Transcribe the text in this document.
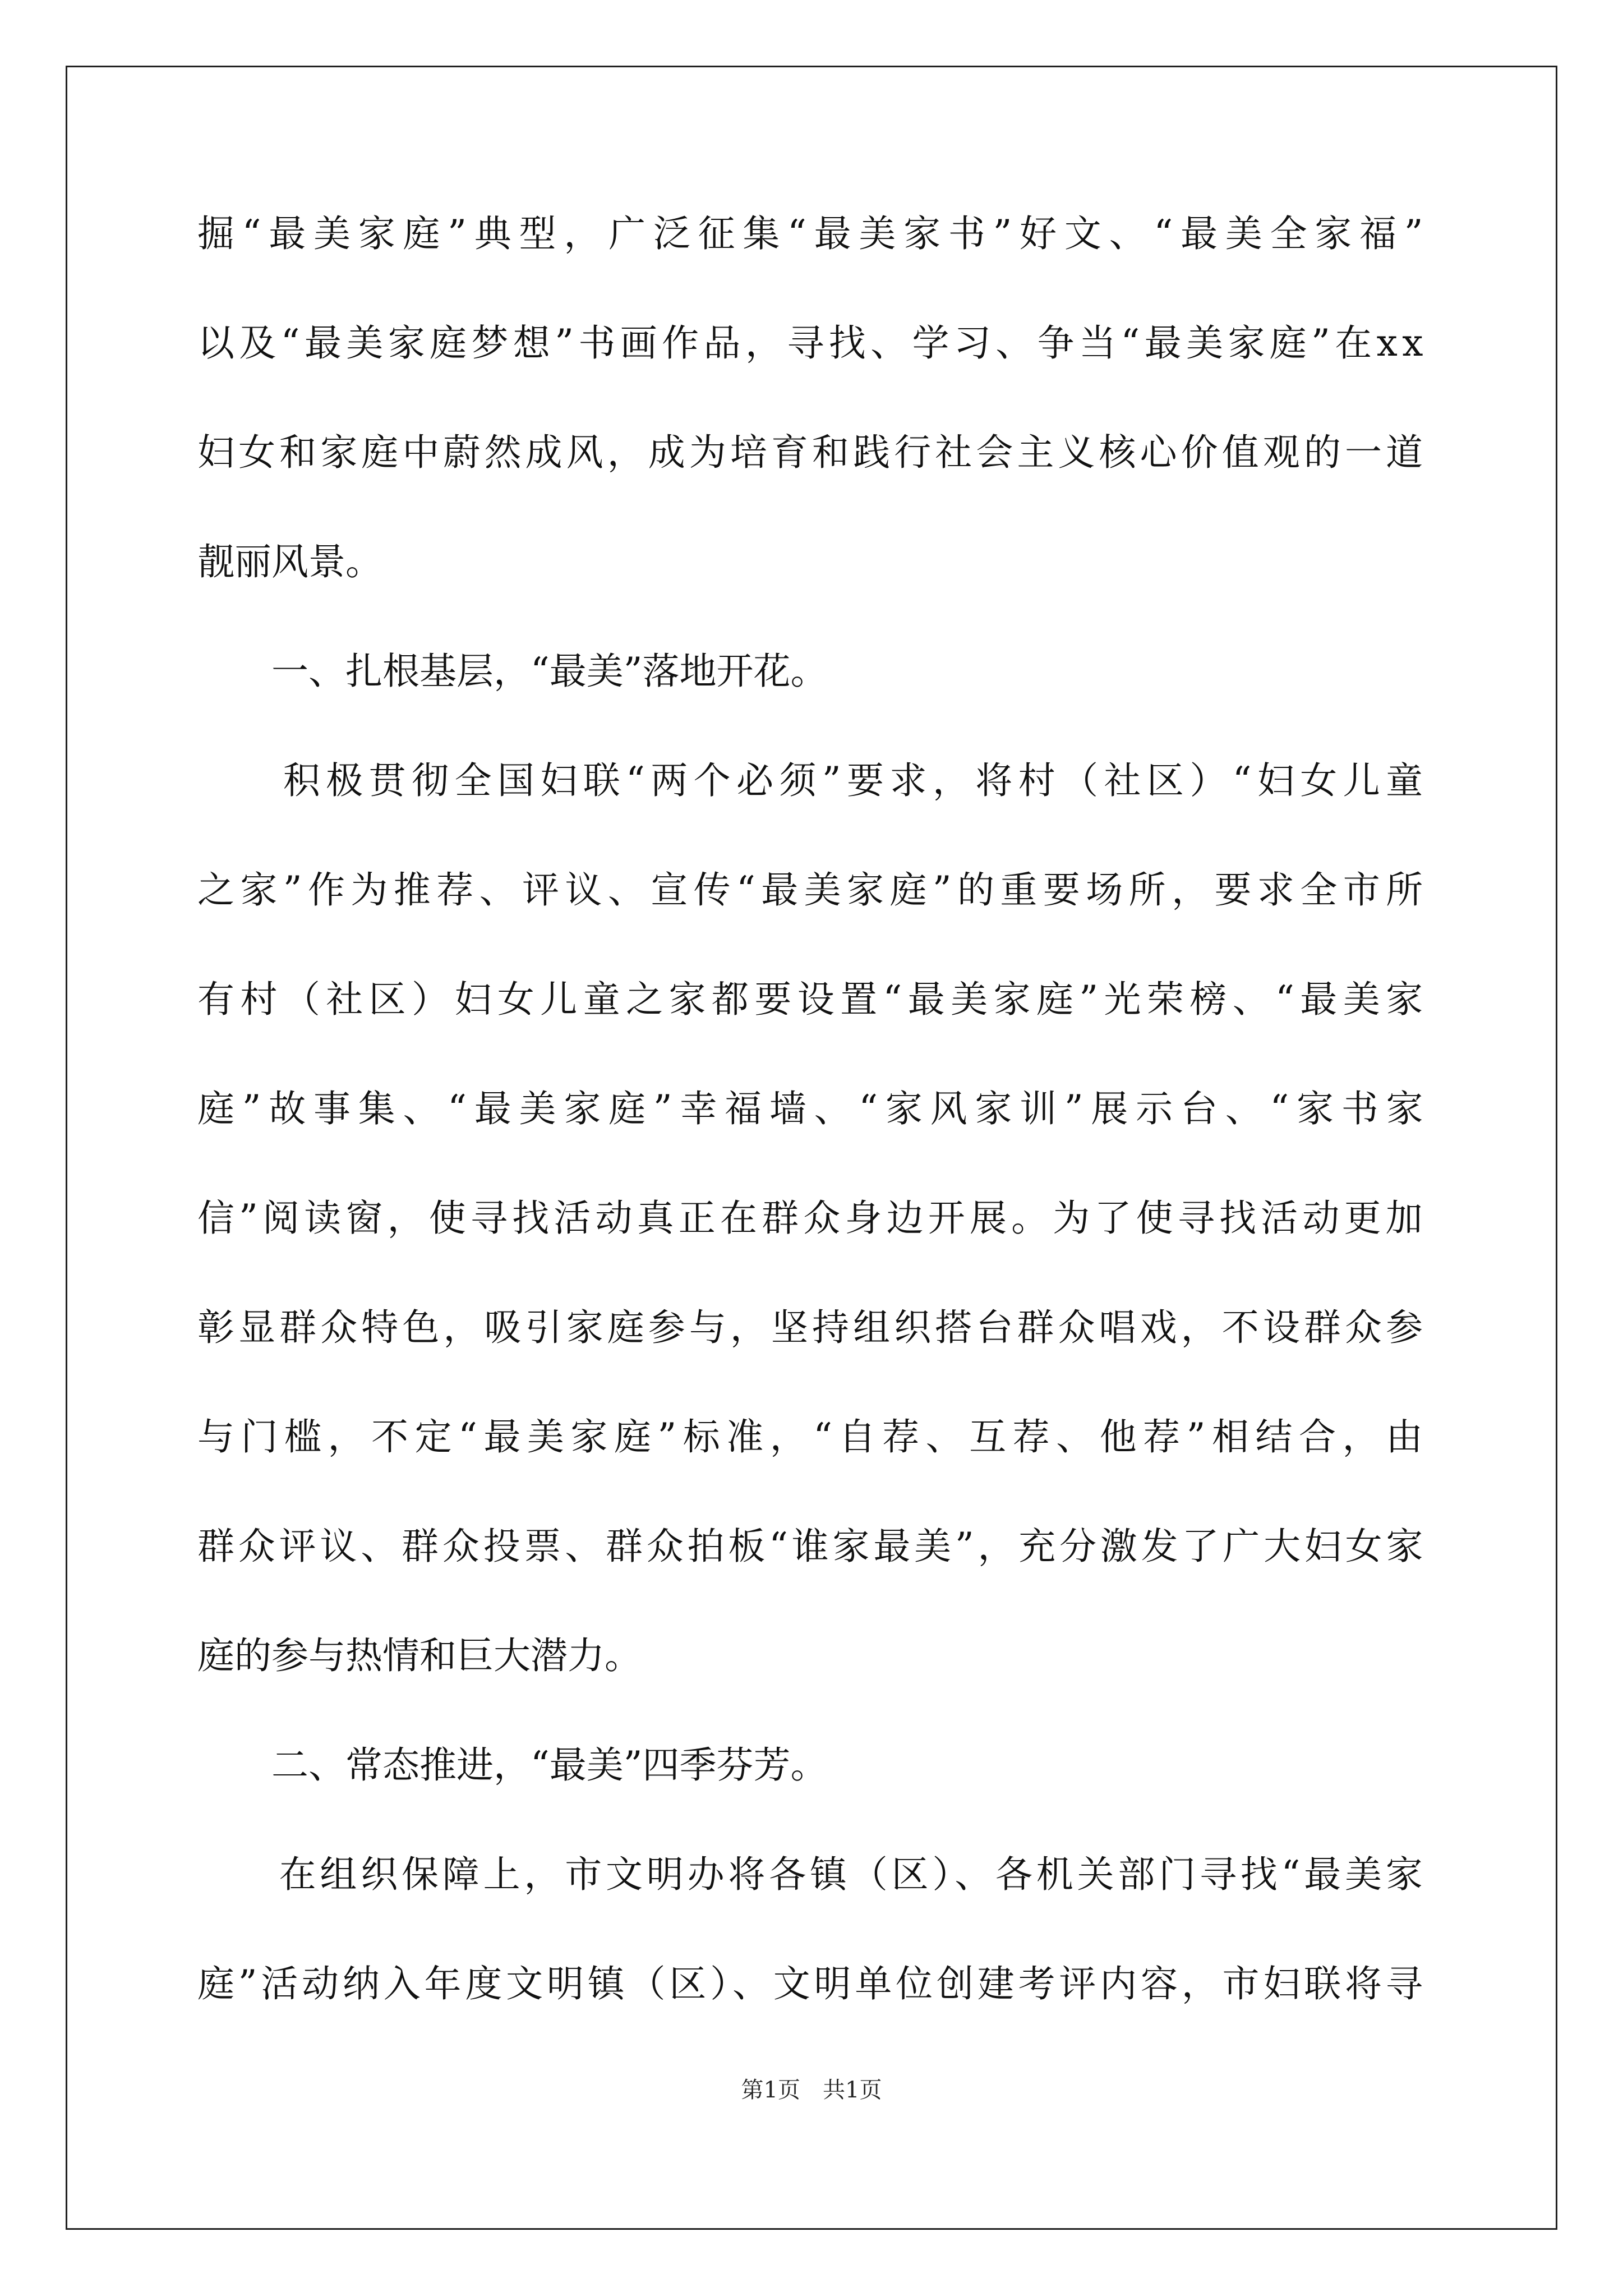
掘“最美家庭”典型，广泛征集“最美家书”好文、“最美全家福”

以及“最美家庭梦想”书画作品，寻找、学习、争当“最美家庭”在xx

妇女和家庭中蔚然成风，成为培育和践行社会主义核心价值观的一道

靓丽风景。

　　一、扎根基层，“最美”落地开花。

　　积极贯彻全国妇联“两个必须”要求，将村（社区）“妇女儿童

之家”作为推荐、评议、宣传“最美家庭”的重要场所，要求全市所

有村（社区）妇女儿童之家都要设置“最美家庭”光荣榜、“最美家

庭”故事集、“最美家庭”幸福墙、“家风家训”展示台、“家书家

信”阅读窗，使寻找活动真正在群众身边开展。为了使寻找活动更加

彰显群众特色，吸引家庭参与，坚持组织搭台群众唱戏，不设群众参

与门槛，不定“最美家庭”标准，“自荐、互荐、他荐”相结合，由

群众评议、群众投票、群众拍板“谁家最美”，充分激发了广大妇女家

庭的参与热情和巨大潜力。

　　二、常态推进，“最美”四季芬芳。

　　在组织保障上，市文明办将各镇（区）、各机关部门寻找“最美家

庭”活动纳入年度文明镇（区）、文明单位创建考评内容，市妇联将寻

第1页　共1页
